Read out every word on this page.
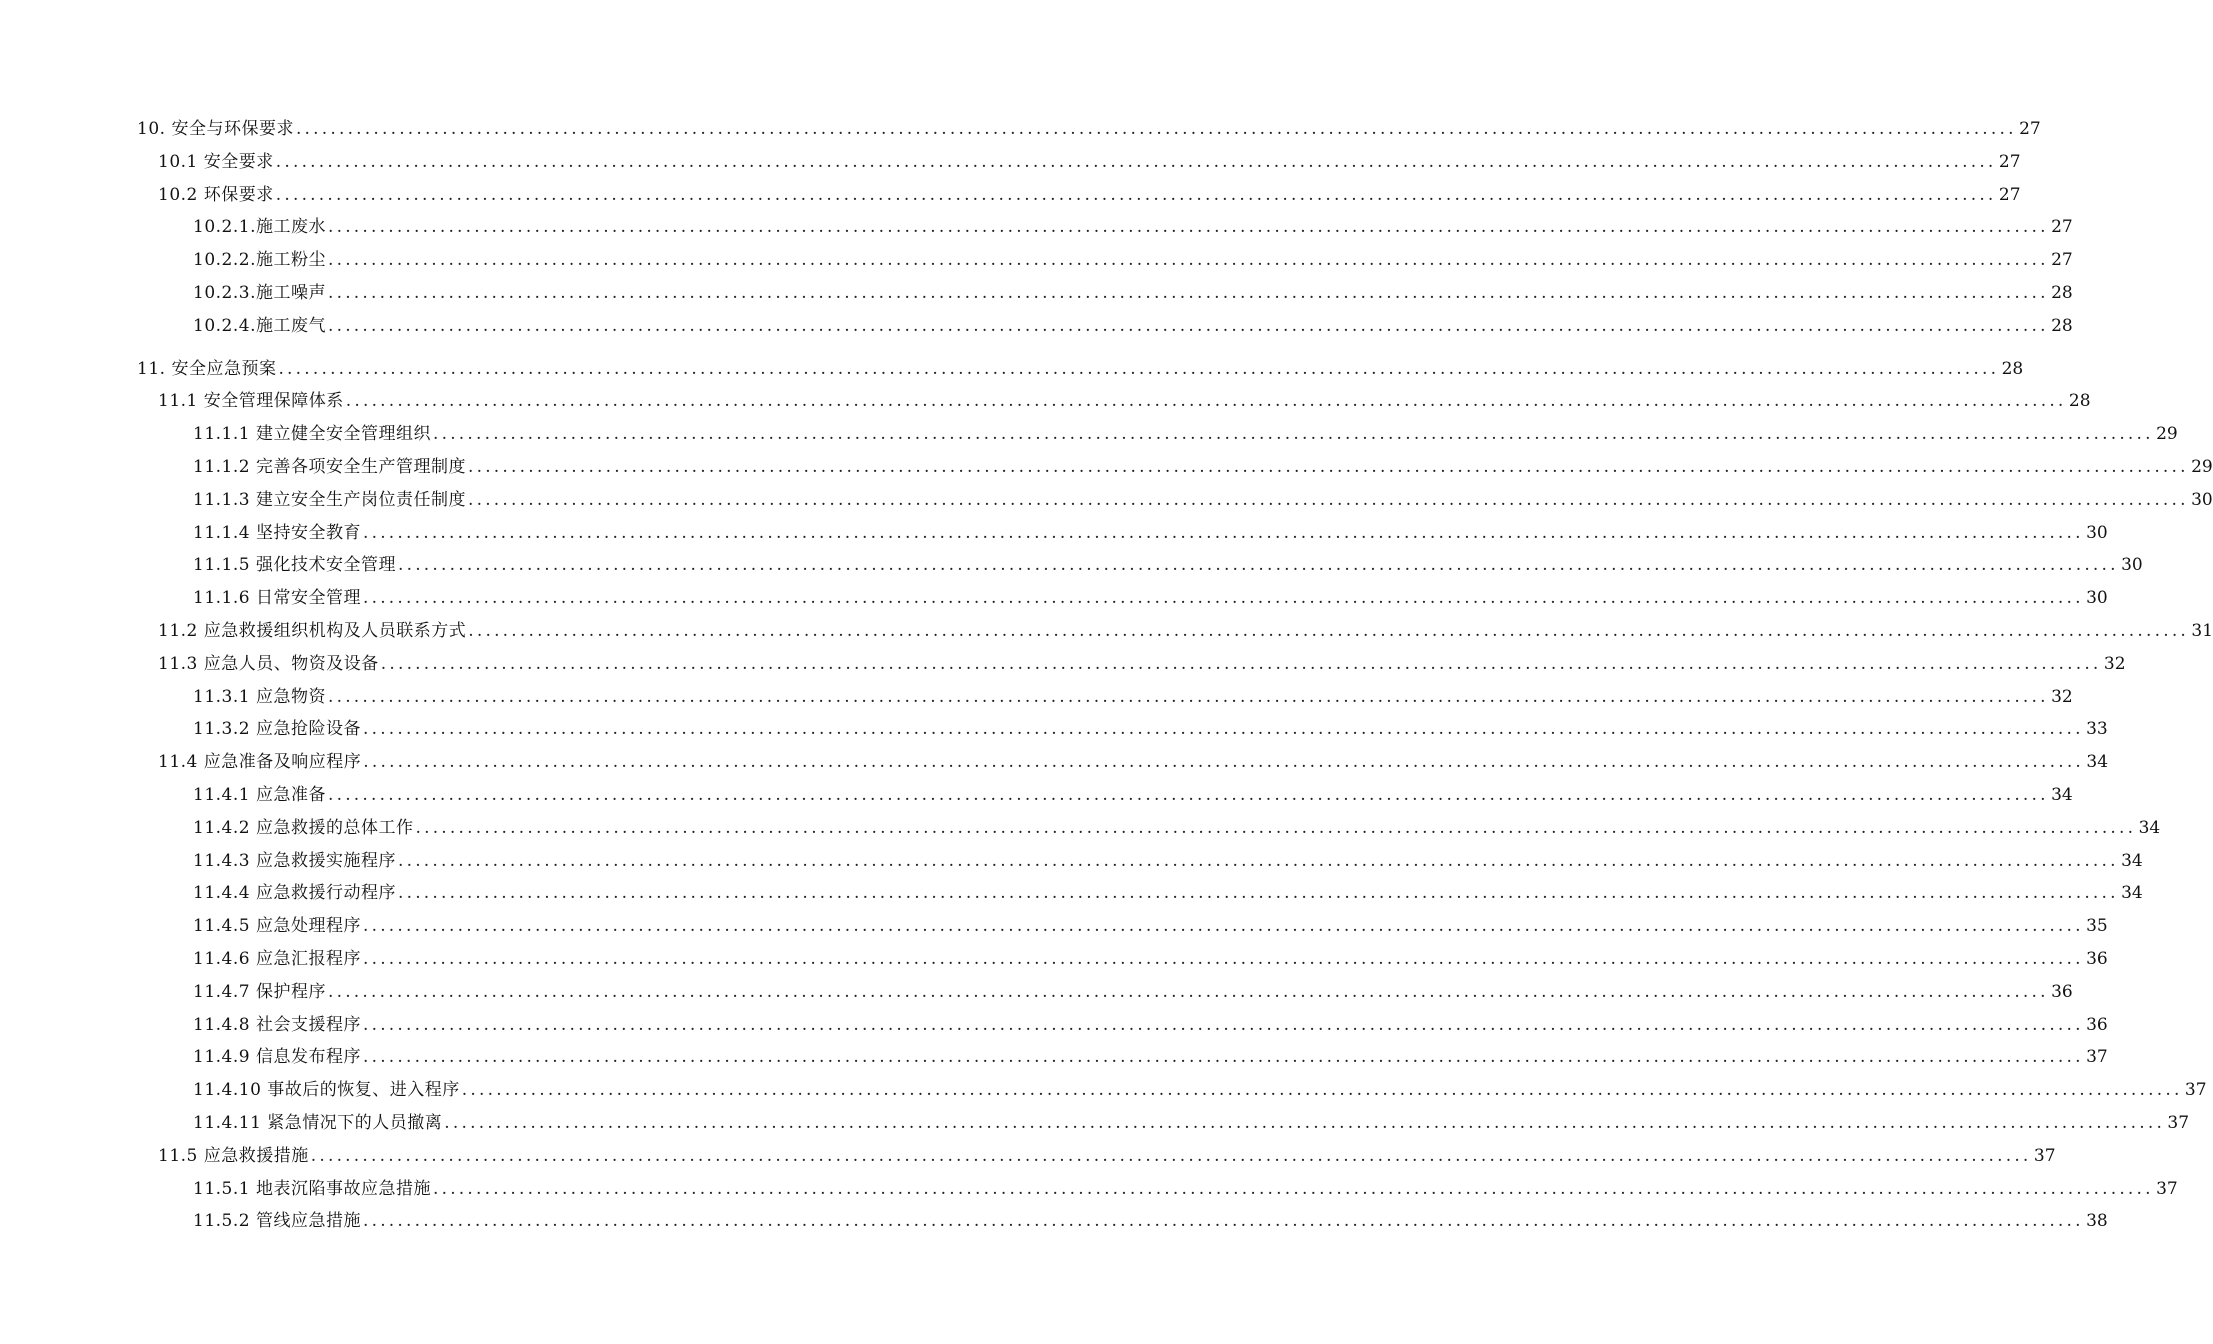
10. 安全与环保要求 ........................................................................................................................................................................................................ 27
10.1 安全要求 ........................................................................................................................................................................................................ 27
10.2 环保要求 ........................................................................................................................................................................................................ 27
10.2.1.施工废水 ........................................................................................................................................................................................................ 27
10.2.2.施工粉尘 ........................................................................................................................................................................................................ 27
10.2.3.施工噪声 ........................................................................................................................................................................................................ 28
10.2.4.施工废气 ........................................................................................................................................................................................................ 28
11. 安全应急预案 ........................................................................................................................................................................................................ 28
11.1 安全管理保障体系 ........................................................................................................................................................................................................ 28
11.1.1 建立健全安全管理组织 ........................................................................................................................................................................................................ 29
11.1.2 完善各项安全生产管理制度 ........................................................................................................................................................................................................ 29
11.1.3 建立安全生产岗位责任制度 ........................................................................................................................................................................................................ 30
11.1.4 坚持安全教育 ........................................................................................................................................................................................................ 30
11.1.5 强化技术安全管理 ........................................................................................................................................................................................................ 30
11.1.6 日常安全管理 ........................................................................................................................................................................................................ 30
11.2 应急救援组织机构及人员联系方式 ........................................................................................................................................................................................................ 31
11.3 应急人员、物资及设备 ........................................................................................................................................................................................................ 32
11.3.1 应急物资 ........................................................................................................................................................................................................ 32
11.3.2 应急抢险设备 ........................................................................................................................................................................................................ 33
11.4 应急准备及响应程序 ........................................................................................................................................................................................................ 34
11.4.1 应急准备 ........................................................................................................................................................................................................ 34
11.4.2 应急救援的总体工作 ........................................................................................................................................................................................................ 34
11.4.3 应急救援实施程序 ........................................................................................................................................................................................................ 34
11.4.4 应急救援行动程序 ........................................................................................................................................................................................................ 34
11.4.5 应急处理程序 ........................................................................................................................................................................................................ 35
11.4.6 应急汇报程序 ........................................................................................................................................................................................................ 36
11.4.7 保护程序 ........................................................................................................................................................................................................ 36
11.4.8 社会支援程序 ........................................................................................................................................................................................................ 36
11.4.9 信息发布程序 ........................................................................................................................................................................................................ 37
11.4.10 事故后的恢复、进入程序 ........................................................................................................................................................................................................ 37
11.4.11 紧急情况下的人员撤离 ........................................................................................................................................................................................................ 37
11.5 应急救援措施 ........................................................................................................................................................................................................ 37
11.5.1 地表沉陷事故应急措施 ........................................................................................................................................................................................................ 37
11.5.2 管线应急措施 ........................................................................................................................................................................................................ 38
